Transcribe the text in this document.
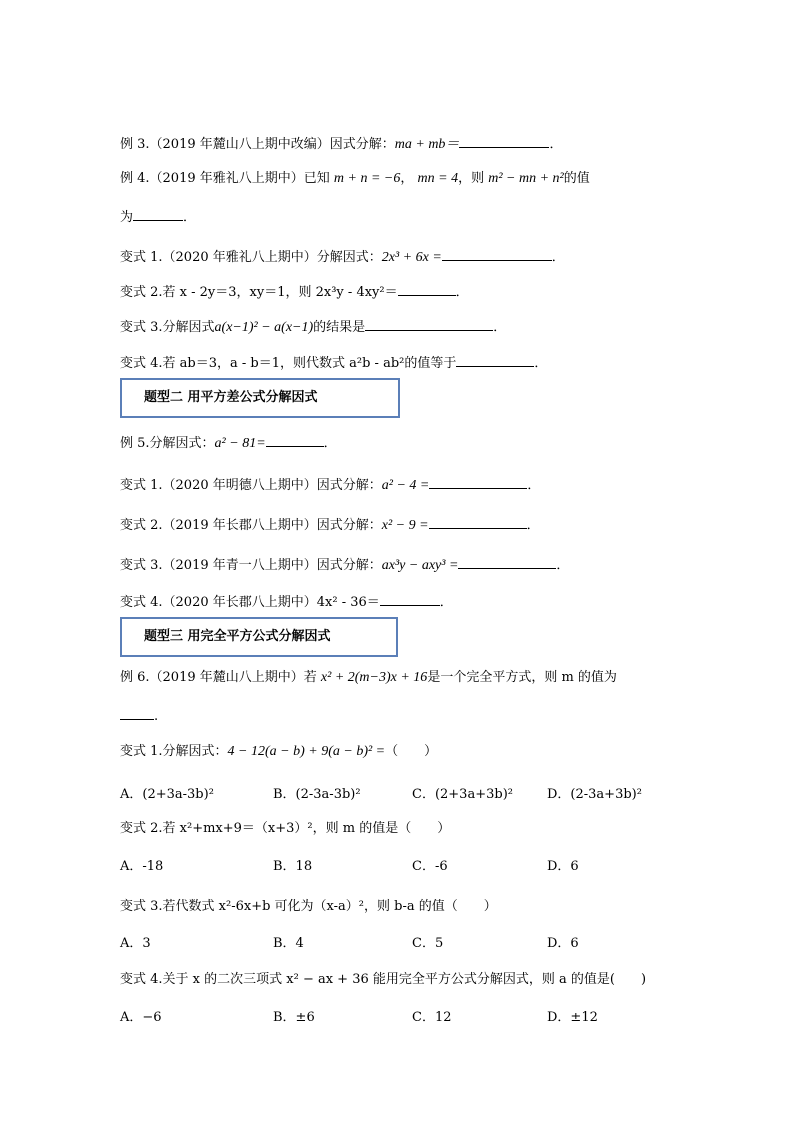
例 3.（2019 年麓山八上期中改编）因式分解：ma + mb＝	．
例 4.（2019 年雅礼八上期中）已知 m + n = −6， mn = 4，则 m² − mn + n²的值
为	．
变式 1.（2020 年雅礼八上期中）分解因式：2x³ + 6x =	．
变式 2.若 x - 2y＝3，xy＝1，则 2x³y - 4xy²＝	．
变式 3.分解因式a(x−1)² − a(x−1)的结果是	．
变式 4.若 ab＝3，a - b＝1，则代数式 a²b - ab²的值等于	．
题型二 用平方差公式分解因式
例 5.分解因式：a² − 81=	．
变式 1.（2020 年明德八上期中）因式分解：a² − 4 =	．
变式 2.（2019 年长郡八上期中）因式分解：x² − 9 =	．
变式 3.（2019 年青一八上期中）因式分解：ax³y − axy³ =	．
变式 4.（2020 年长郡八上期中）4x² - 36＝	．
题型三 用完全平方公式分解因式
例 6.（2019 年麓山八上期中）若 x² + 2(m−3)x + 16是一个完全平方式，则 m 的值为
.
变式 1.分解因式：4 − 12(a − b) + 9(a − b)² =（　　）
A．(2+3a-3b)²	B．(2-3a-3b)²	C．(2+3a+3b)²	D．(2-3a+3b)²
变式 2.若 x²+mx+9＝（x+3）²，则 m 的值是（　　）
A．-18	B．18	C．-6	D．6
变式 3.若代数式 x²-6x+b 可化为（x-a）²，则 b-a 的值（　　）
A．3	B．4	C．5	D．6
变式 4.关于 x 的二次三项式 x² − ax + 36 能用完全平方公式分解因式，则 a 的值是(　　)
A．−6	B．±6	C．12	D．±12
